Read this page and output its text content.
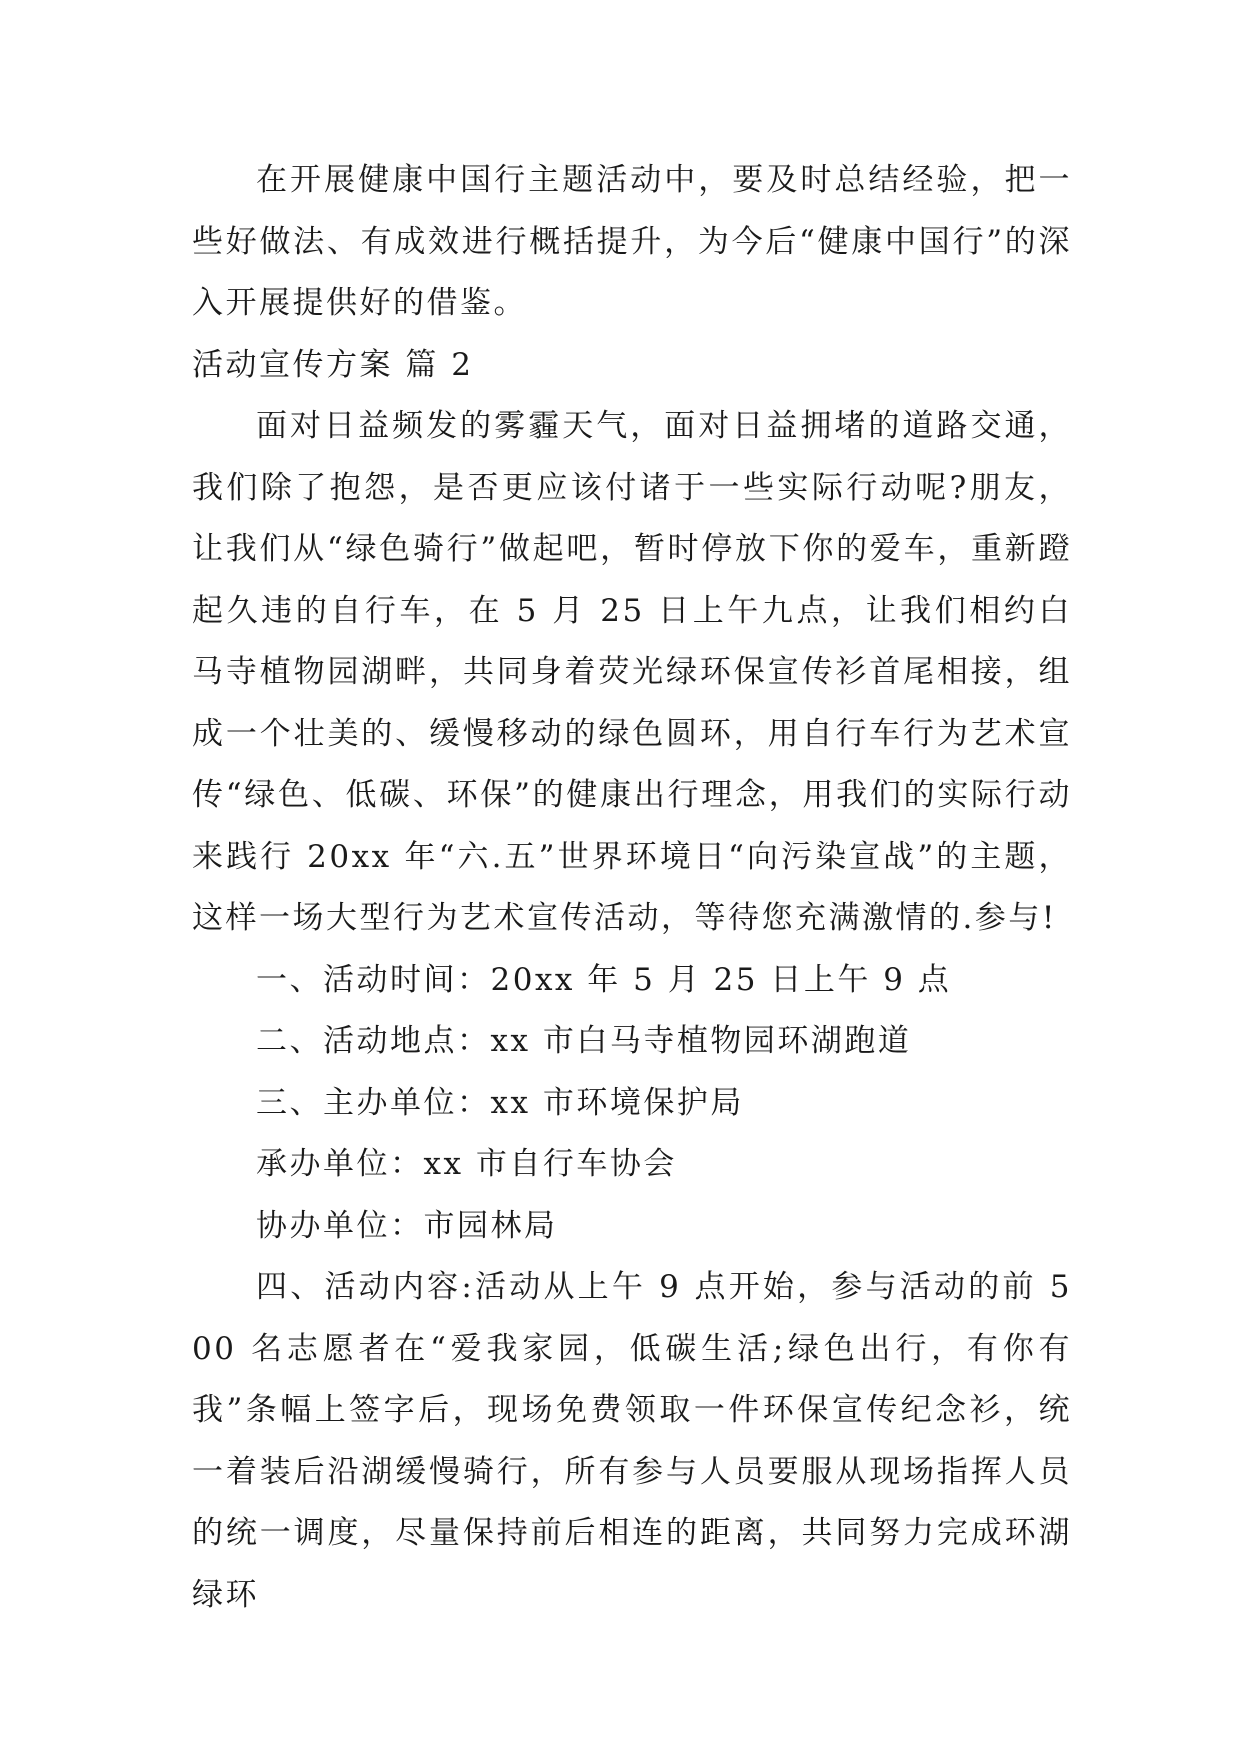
在开展健康中国行主题活动中，要及时总结经验，把一些好做法、有成效进行概括提升，为今后“健康中国行”的深入开展提供好的借鉴。

活动宣传方案 篇 2

面对日益频发的雾霾天气，面对日益拥堵的道路交通，我们除了抱怨，是否更应该付诸于一些实际行动呢?朋友，让我们从“绿色骑行”做起吧，暂时停放下你的爱车，重新蹬起久违的自行车，在 5 月 25 日上午九点，让我们相约白马寺植物园湖畔，共同身着荧光绿环保宣传衫首尾相接，组成一个壮美的、缓慢移动的绿色圆环，用自行车行为艺术宣传“绿色、低碳、环保”的健康出行理念，用我们的实际行动来践行 20xx 年“六.五”世界环境日“向污染宣战”的主题，这样一场大型行为艺术宣传活动，等待您充满激情的.参与!

一、活动时间：20xx 年 5 月 25 日上午 9 点

二、活动地点：xx 市白马寺植物园环湖跑道

三、主办单位：xx 市环境保护局

承办单位：xx 市自行车协会

协办单位：市园林局

四、活动内容:活动从上午 9 点开始，参与活动的前 500 名志愿者在“爱我家园，低碳生活;绿色出行，有你有我”条幅上签字后，现场免费领取一件环保宣传纪念衫，统一着装后沿湖缓慢骑行，所有参与人员要服从现场指挥人员的统一调度，尽量保持前后相连的距离，共同努力完成环湖绿环
